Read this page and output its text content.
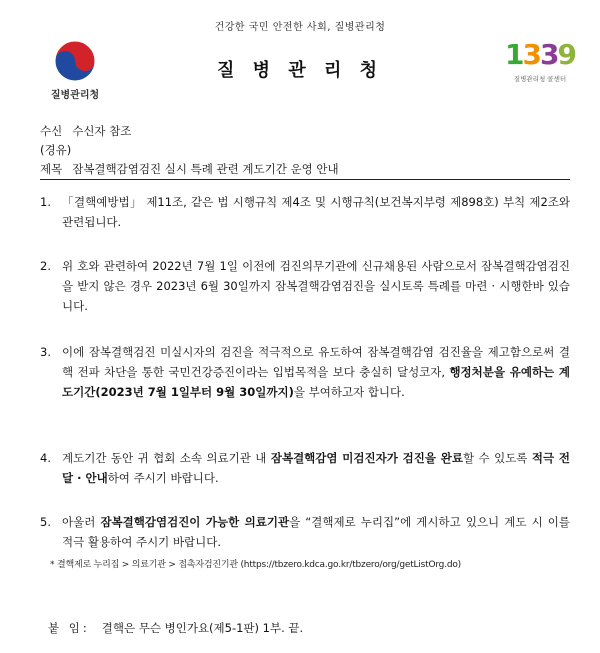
건강한 국민 안전한 사회, 질병관리청
질병관리청
질 병 관 리 청	1339
질병관리청 콜센터
수신 수신자 참조
(경유)
제목 잠복결핵감염검진 실시 특례 관련 계도기간 운영 안내
1. 「결핵예방법」 제11조, 같은 법 시행규칙 제4조 및 시행규칙(보건복지부령 제898호) 부칙 제2조와 관련됩니다.
2. 위 호와 관련하여 2022년 7월 1일 이전에 검진의무기관에 신규채용된 사람으로서 잠복결핵감염검진을 받지 않은 경우 2023년 6월 30일까지 잠복결핵감염검진을 실시토록 특례를 마련 · 시행한바 있습니다.
3. 이에 잠복결핵검진 미실시자의 검진을 적극적으로 유도하여 잠복결핵감염 검진율을 제고함으로써 결핵 전파 차단을 통한 국민건강증진이라는 입법목적을 보다 충실히 달성코자, 행정처분을 유예하는 계도기간(2023년 7월 1일부터 9월 30일까지)을 부여하고자 합니다.
4. 계도기간 동안 귀 협회 소속 의료기관 내 잠복결핵감염 미검진자가 검진을 완료할 수 있도록 적극 전달 · 안내하여 주시기 바랍니다.
5. 아울러 잠복결핵감염검진이 가능한 의료기관을 “결핵제로 누리집”에 게시하고 있으니 계도 시 이를 적극 활용하여 주시기 바랍니다.
* 결핵제로 누리집 > 의료기관 > 접촉자검진기관 (https://tbzero.kdca.go.kr/tbzero/org/getListOrg.do)
붙 임: 결핵은 무슨 병인가요(제5-1판) 1부. 끝.
